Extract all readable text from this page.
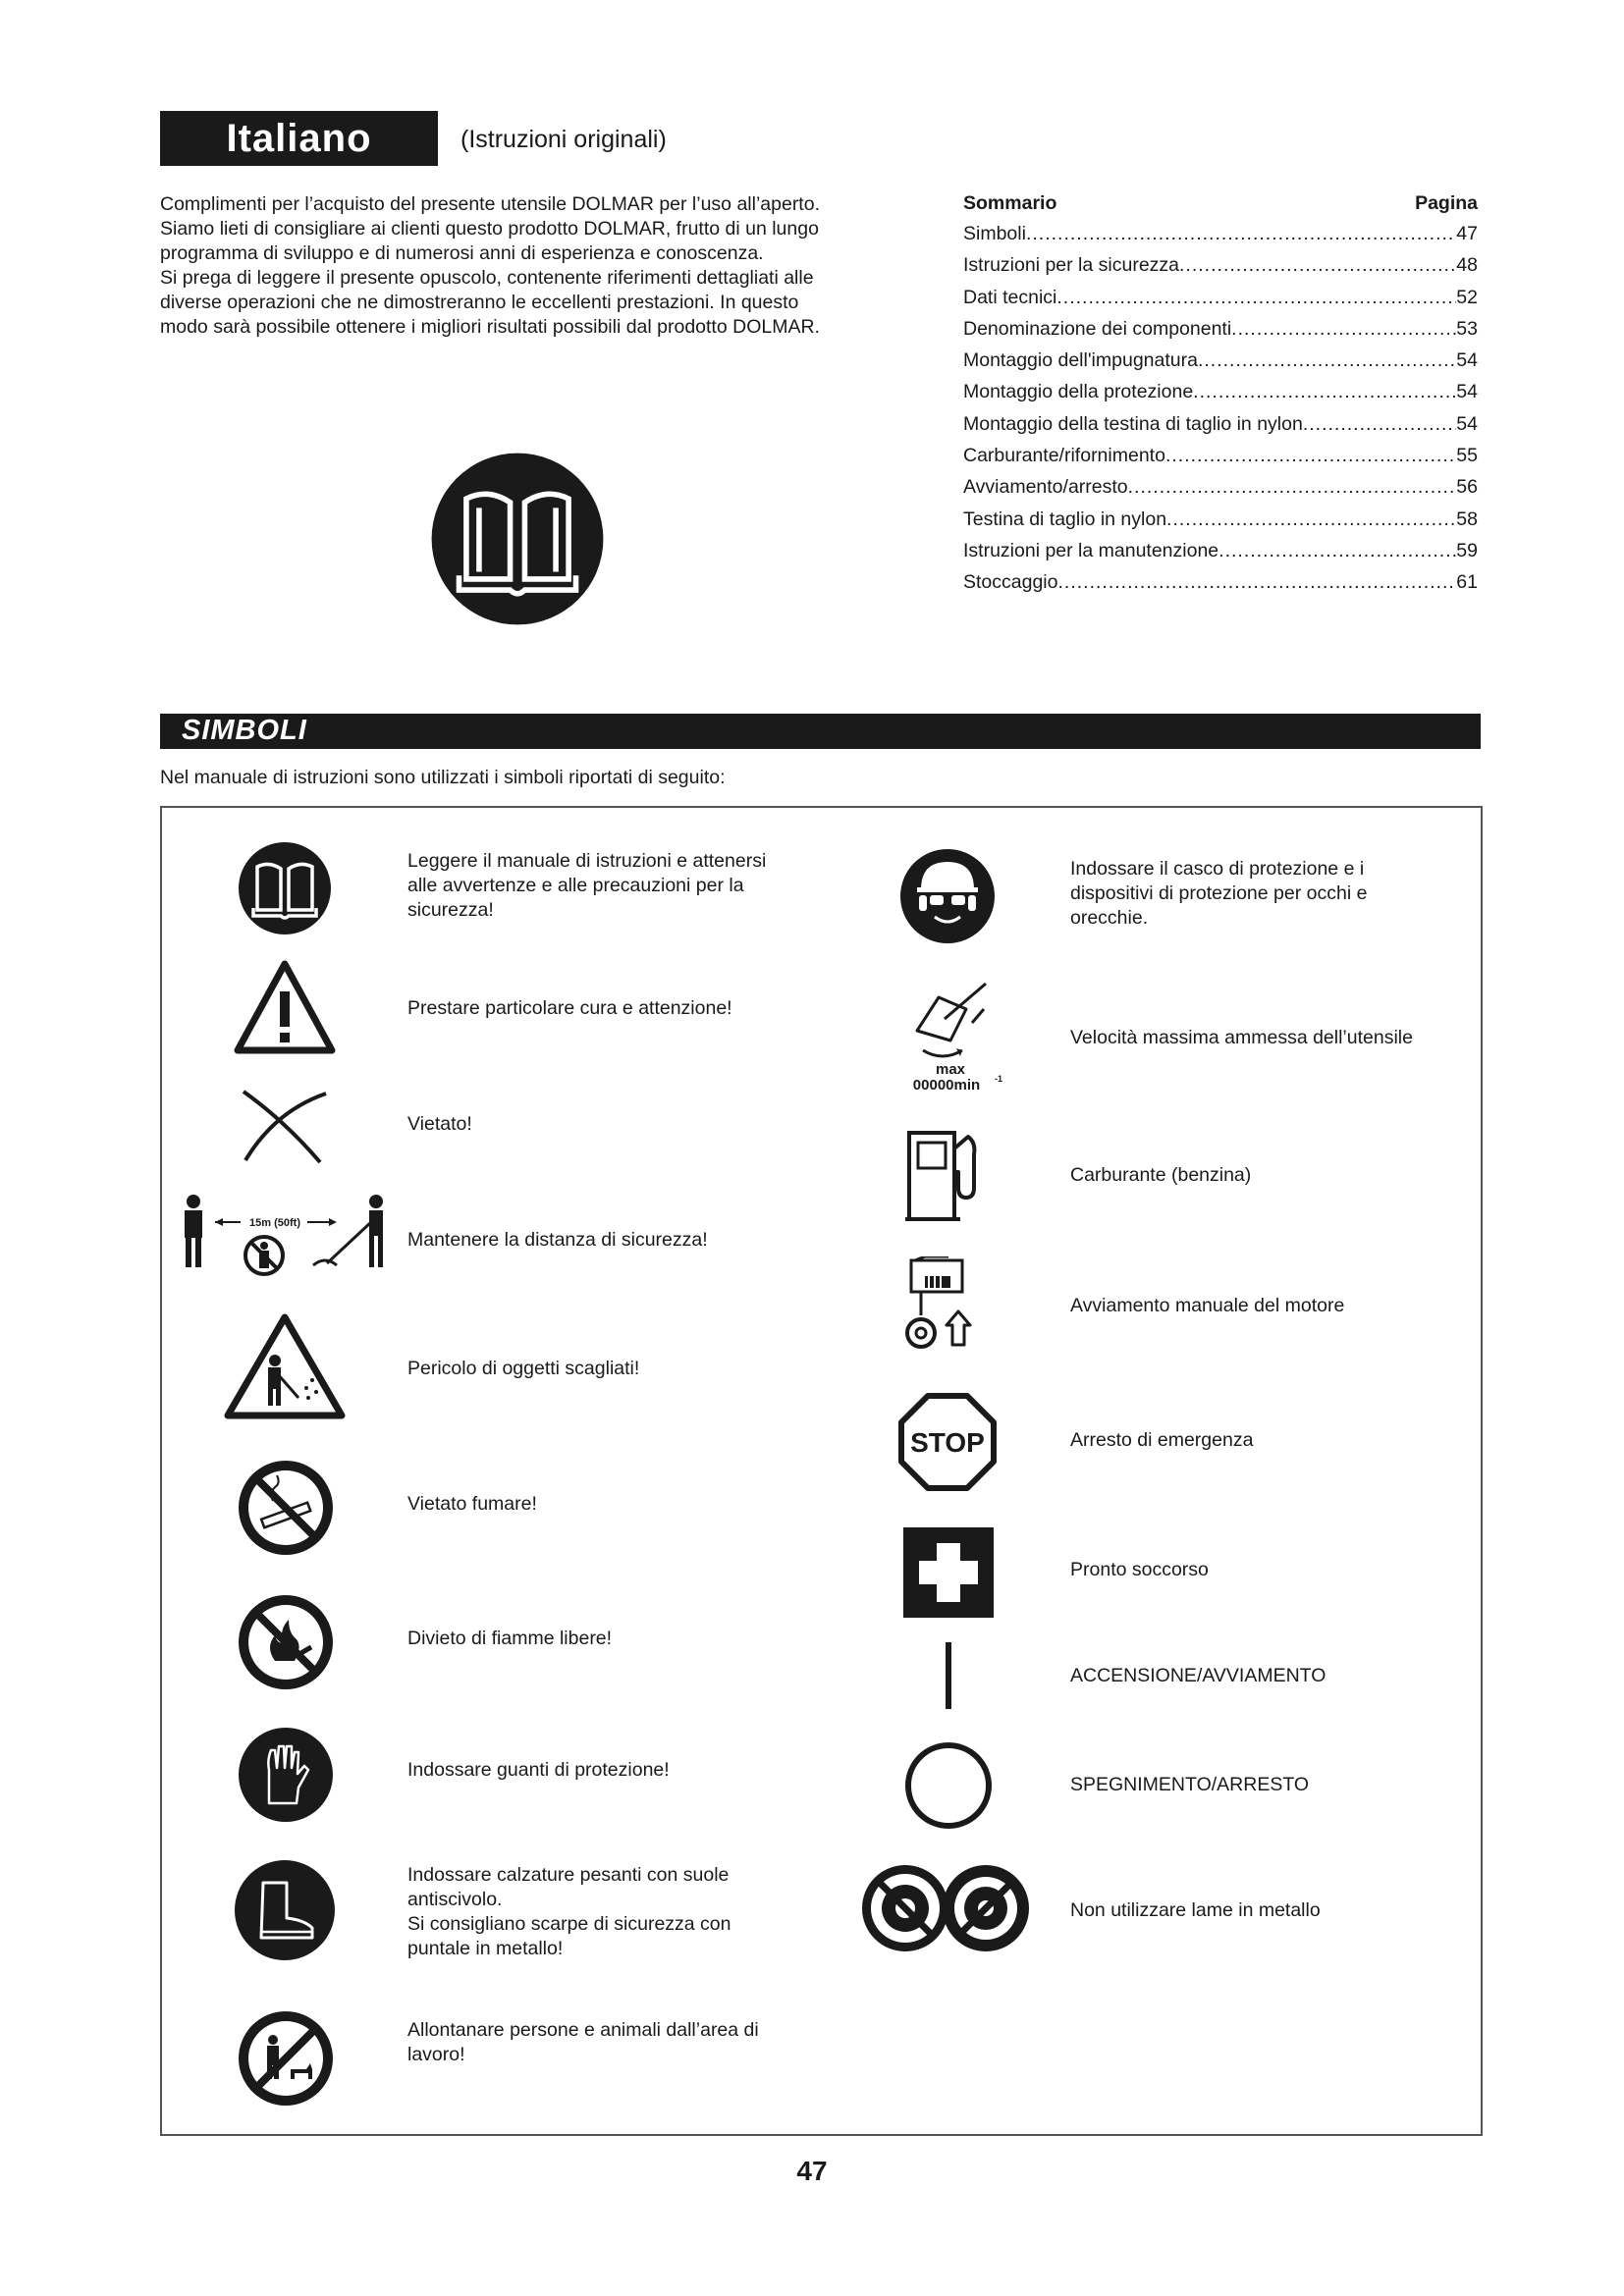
Italiano	(Istruzioni originali)

Complimenti per l’acquisto del presente utensile DOLMAR per l’uso all’aperto.

Siamo lieti di consigliare ai clienti questo prodotto DOLMAR, frutto di un lungo

programma di sviluppo e di numerosi anni di esperienza e conoscenza.

Si prega di leggere il presente opuscolo, contenente riferimenti dettagliati alle

diverse operazioni che ne dimostreranno le eccellenti prestazioni. In questo

modo sarà possibile ottenere i migliori risultati possibili dal prodotto DOLMAR.

Sommario	Pagina
Simboli .....	47
Istruzioni per la sicurezza .....	48
Dati tecnici .....	52
Denominazione dei componenti .....	53
Montaggio dell'impugnatura .....	54
Montaggio della protezione .....	54
Montaggio della testina di taglio in nylon .....	54
Carburante/rifornimento .....	55
Avviamento/arresto .....	56
Testina di taglio in nylon .....	58
Istruzioni per la manutenzione .....	59
Stoccaggio .....	61
SIMBOLI
Nel manuale di istruzioni sono utilizzati i simboli riportati di seguito:

Leggere il manuale di istruzioni e attenersi

alle avvertenze e alle precauzioni per la

sicurezza!

Prestare particolare cura e attenzione!

Vietato!

15m (50ft)

Mantenere la distanza di sicurezza!

Pericolo di oggetti scagliati!

Vietato fumare!

Divieto di fiamme libere!

Indossare guanti di protezione!

Indossare calzature pesanti con suole

antiscivolo.

Si consigliano scarpe di sicurezza con

puntale in metallo!

Allontanare persone e animali dall’area di

lavoro!

Indossare il casco di protezione e i

dispositivi di protezione per occhi e

orecchie.

max
00000min -1

Velocità massima ammessa dell’utensile

Carburante (benzina)

Avviamento manuale del motore

STOP	Arresto di emergenza

Pronto soccorso

ACCENSIONE/AVVIAMENTO

SPEGNIMENTO/ARRESTO

Non utilizzare lame in metallo

47
